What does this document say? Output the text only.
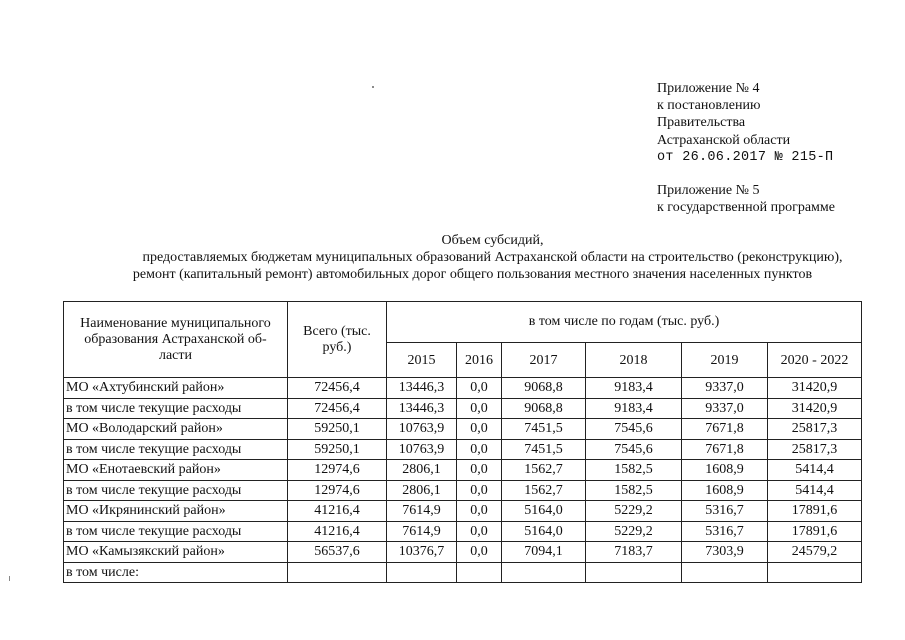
Приложение № 4
к постановлению
Правительства
Астраханской области
от 26.06.2017 № 215-П
Приложение № 5
к государственной программе
Объем субсидий,
предоставляемых бюджетам муниципальных образований Астраханской области на строительство (реконструкцию),
ремонт (капитальный ремонт) автомобильных дорог общего пользования местного значения населенных пунктов
Наименование муниципального образования Астраханской об-ласти	Всего (тыс. руб.)	в том числе по годам (тыс. руб.)					
		2015	2016	2017	2018	2019	2020 - 2022
МО «Ахтубинский район»	72456,4	13446,3	0,0	9068,8	9183,4	9337,0	31420,9
в том числе текущие расходы	72456,4	13446,3	0,0	9068,8	9183,4	9337,0	31420,9
МО «Володарский район»	59250,1	10763,9	0,0	7451,5	7545,6	7671,8	25817,3
в том числе текущие расходы	59250,1	10763,9	0,0	7451,5	7545,6	7671,8	25817,3
МО «Енотаевский район»	12974,6	2806,1	0,0	1562,7	1582,5	1608,9	5414,4
в том числе текущие расходы	12974,6	2806,1	0,0	1562,7	1582,5	1608,9	5414,4
МО «Икрянинский район»	41216,4	7614,9	0,0	5164,0	5229,2	5316,7	17891,6
в том числе текущие расходы	41216,4	7614,9	0,0	5164,0	5229,2	5316,7	17891,6
МО «Камызякский район»	56537,6	10376,7	0,0	7094,1	7183,7	7303,9	24579,2
в том числе:							
